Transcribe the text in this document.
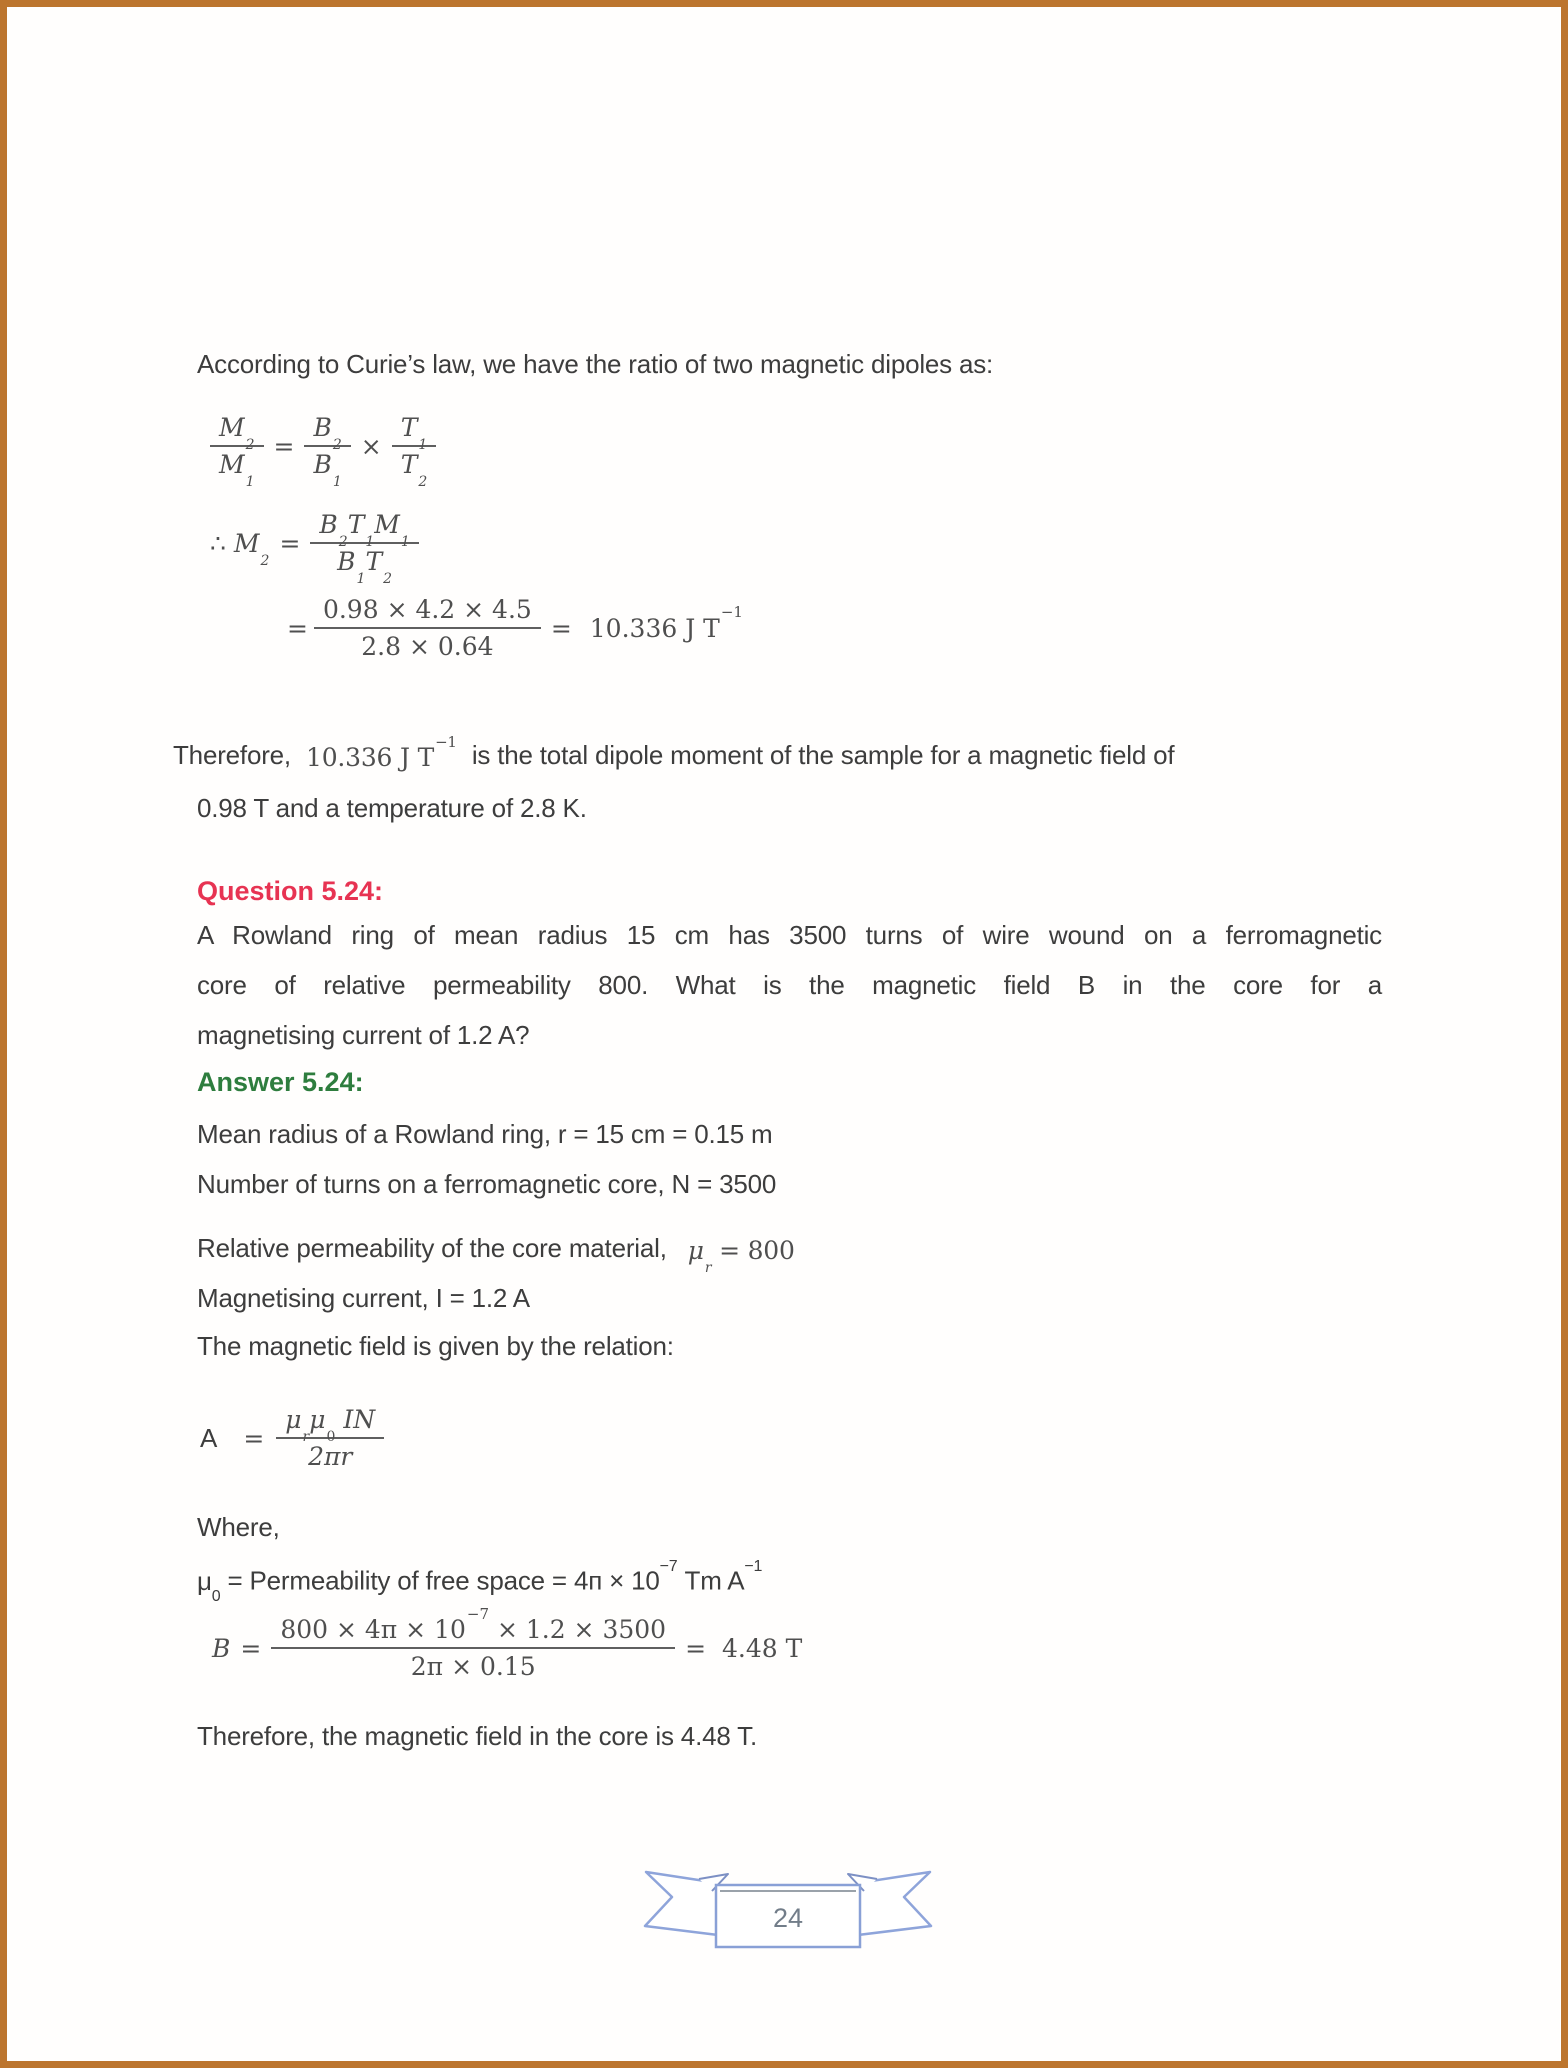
According to Curie’s law, we have the ratio of two magnetic dipoles as:
$\frac{M_2}{M_1} = \frac{B_2}{B_1} \times \frac{T_1}{T_2}$
∴ $M_2$
= $\frac{B_2T_1M_1}{B_1T_2}$
= $\frac{0.98 \times 4.2 \times 4.5}{2.8 \times 0.64} = 10.336$ J $T^{-1}$
Therefore, 10.336 J $T^{-1}$ is the total dipole moment of the sample for a magnetic field of
0.98 T and a temperature of 2.8 K.
Question 5.24:
A Rowland ring of mean radius 15 cm has 3500 turns of wire wound on a ferromagnetic
core of relative permeability 800. What is the magnetic field B in the core for a
magnetising current of 1.2 A?
Answer 5.24:
Mean radius of a Rowland ring, r = 15 cm = 0.15 m
Number of turns on a ferromagnetic core, N = 3500
Relative permeability of the core material, $\mu_r = 800$
Magnetising current, I = 1.2 A
The magnetic field is given by the relation:
A	= $\frac{\mu_r\mu_0 IN}{2\pi r}$
Where,
$\mu_0$ = Permeability of free space = $4п \times 10^{-7}$ Tm $A^{-1}$
$B = \frac{800 \times 4\pi \times 10^{-7} \times 1.2 \times 3500}{2\pi \times 0.15} = 4.48$ T
Therefore, the magnetic field in the core is 4.48 T.
24
